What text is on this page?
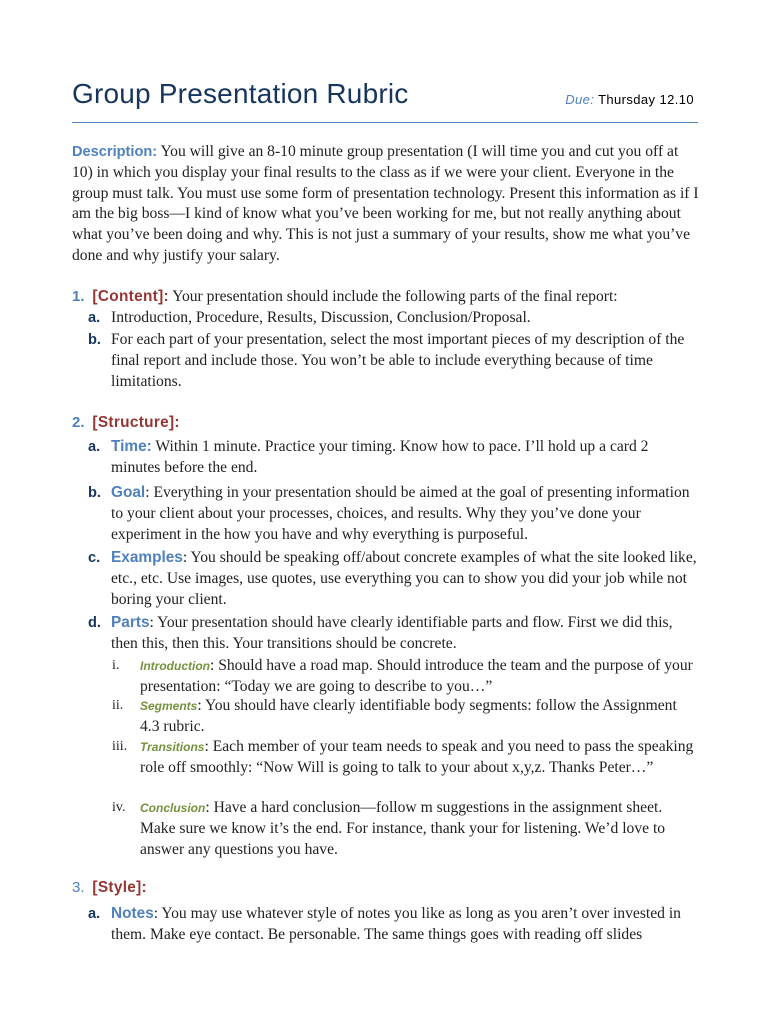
Group Presentation Rubric	Due: Thursday 12.10
Description: You will give an 8-10 minute group presentation (I will time you and cut you off at 10) in which you display your final results to the class as if we were your client. Everyone in the group must talk. You must use some form of presentation technology. Present this information as if I am the big boss—I kind of know what you’ve been working for me, but not really anything about what you’ve been doing and why. This is not just a summary of your results, show me what you’ve done and why justify your salary.
1. [Content]: Your presentation should include the following parts of the final report:
a. Introduction, Procedure, Results, Discussion, Conclusion/Proposal.
b. For each part of your presentation, select the most important pieces of my description of the final report and include those. You won’t be able to include everything because of time limitations.
2. [Structure]:
a. Time: Within 1 minute. Practice your timing. Know how to pace. I’ll hold up a card 2 minutes before the end.
b. Goal: Everything in your presentation should be aimed at the goal of presenting information to your client about your processes, choices, and results. Why they you’ve done your experiment in the how you have and why everything is purposeful.
c. Examples: You should be speaking off/about concrete examples of what the site looked like, etc., etc. Use images, use quotes, use everything you can to show you did your job while not boring your client.
d. Parts: Your presentation should have clearly identifiable parts and flow. First we did this, then this, then this. Your transitions should be concrete.
i.	Introduction: Should have a road map. Should introduce the team and the purpose of your presentation: “Today we are going to describe to you…”
ii.	Segments: You should have clearly identifiable body segments: follow the Assignment 4.3 rubric.
iii.	Transitions: Each member of your team needs to speak and you need to pass the speaking role off smoothly: “Now Will is going to talk to your about x,y,z. Thanks Peter…”
iv.	Conclusion: Have a hard conclusion—follow m suggestions in the assignment sheet. Make sure we know it’s the end. For instance, thank your for listening. We’d love to answer any questions you have.
3. [Style]:
a. Notes: You may use whatever style of notes you like as long as you aren’t over invested in them. Make eye contact. Be personable. The same things goes with reading off slides
